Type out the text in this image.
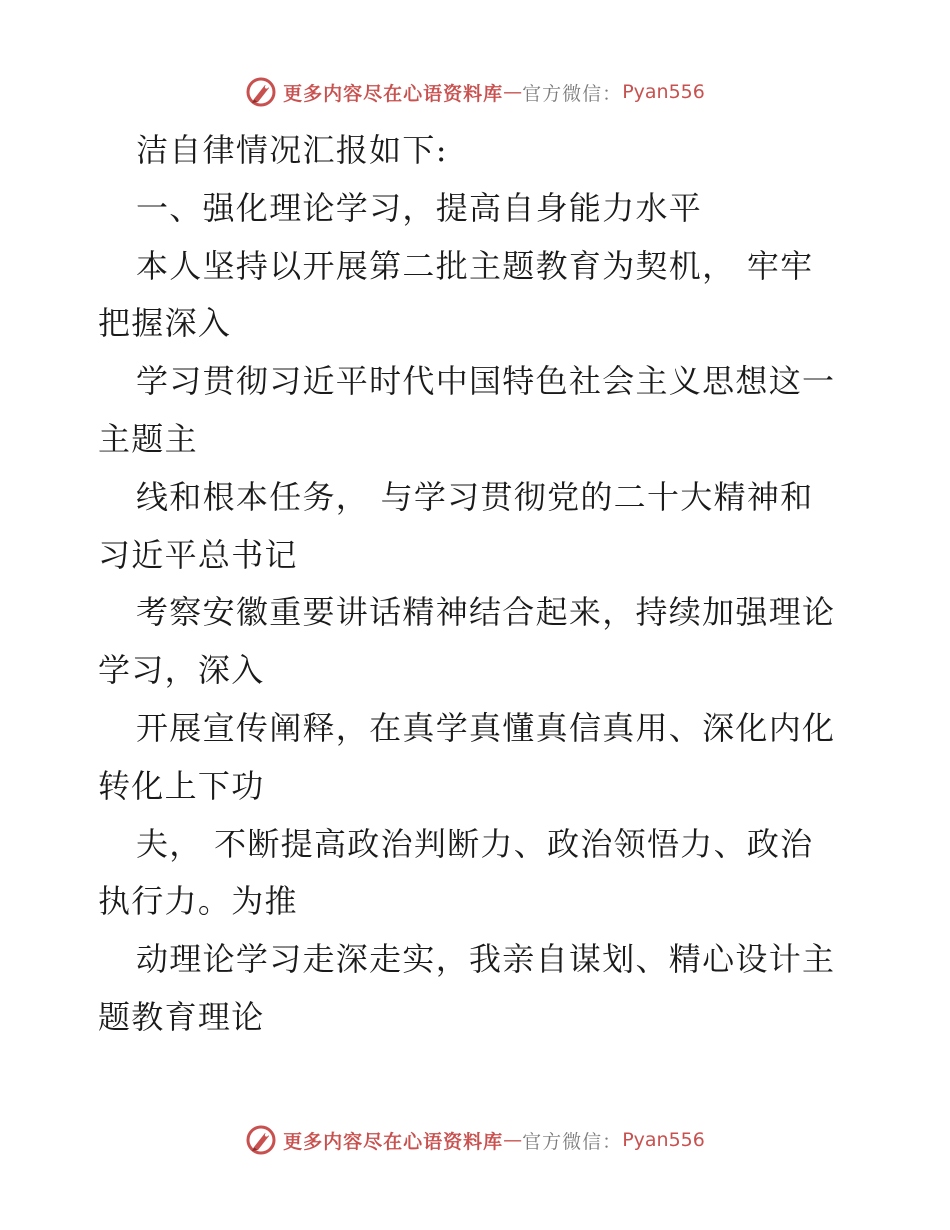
更多内容尽在心语资料库 — 官方微信： Pyan556
洁自律情况汇报如下:
一、强化理论学习，提高自身能力水平
本人坚持以开展第二批主题教育为契机， 牢牢
把握深入
学习贯彻习近平时代中国特色社会主义思想这一
主题主
线和根本任务， 与学习贯彻党的二十大精神和
习近平总书记
考察安徽重要讲话精神结合起来，持续加强理论
学习，深入
开展宣传阐释，在真学真懂真信真用、深化内化
转化上下功
夫， 不断提高政治判断力、政治领悟力、政治
执行力。为推
动理论学习走深走实，我亲自谋划、精心设计主
题教育理论
更多内容尽在心语资料库 — 官方微信： Pyan556
